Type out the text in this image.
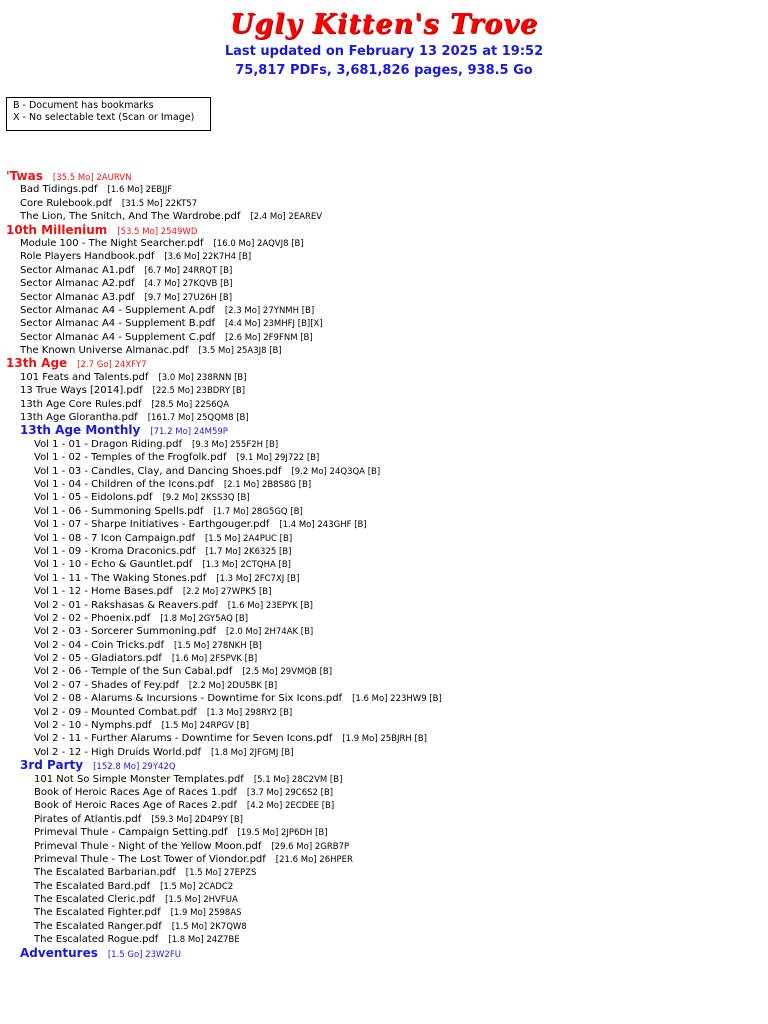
Ugly Kitten's Trove
Last updated on February 13 2025 at 19:52
75,817 PDFs, 3,681,826 pages, 938.5 Go
B - Document has bookmarks
X - No selectable text (Scan or Image)
'Twas [35.5 Mo] 2AURVN
Bad Tidings.pdf [1.6 Mo] 2EBJJF
Core Rulebook.pdf [31.5 Mo] 22KT57
The Lion, The Snitch, And The Wardrobe.pdf [2.4 Mo] 2EAREV
10th Millenium [53.5 Mo] 2549WD
Module 100 - The Night Searcher.pdf [16.0 Mo] 2AQVJ8 [B]
Role Players Handbook.pdf [3.6 Mo] 22K7H4 [B]
Sector Almanac A1.pdf [6.7 Mo] 24RRQT [B]
Sector Almanac A2.pdf [4.7 Mo] 27KQVB [B]
Sector Almanac A3.pdf [9.7 Mo] 27U26H [B]
Sector Almanac A4 - Supplement A.pdf [2.3 Mo] 27YNMH [B]
Sector Almanac A4 - Supplement B.pdf [4.4 Mo] 23MHFJ [B][X]
Sector Almanac A4 - Supplement C.pdf [2.6 Mo] 2F9FNM [B]
The Known Universe Almanac.pdf [3.5 Mo] 25A3J8 [B]
13th Age [2.7 Go] 24XFY7
101 Feats and Talents.pdf [3.0 Mo] 238RNN [B]
13 True Ways [2014].pdf [22.5 Mo] 23BDRY [B]
13th Age Core Rules.pdf [28.5 Mo] 22S6QA
13th Age Glorantha.pdf [161.7 Mo] 25QQM8 [B]
13th Age Monthly [71.2 Mo] 24M59P
Vol 1 - 01 - Dragon Riding.pdf [9.3 Mo] 255F2H [B]
Vol 1 - 02 - Temples of the Frogfolk.pdf [9.1 Mo] 29J722 [B]
Vol 1 - 03 - Candles, Clay, and Dancing Shoes.pdf [9.2 Mo] 24Q3QA [B]
Vol 1 - 04 - Children of the Icons.pdf [2.1 Mo] 2B8S8G [B]
Vol 1 - 05 - Eidolons.pdf [9.2 Mo] 2KSS3Q [B]
Vol 1 - 06 - Summoning Spells.pdf [1.7 Mo] 28G5GQ [B]
Vol 1 - 07 - Sharpe Initiatives - Earthgouger.pdf [1.4 Mo] 243GHF [B]
Vol 1 - 08 - 7 Icon Campaign.pdf [1.5 Mo] 2A4PUC [B]
Vol 1 - 09 - Kroma Draconics.pdf [1.7 Mo] 2K6325 [B]
Vol 1 - 10 - Echo & Gauntlet.pdf [1.3 Mo] 2CTQHA [B]
Vol 1 - 11 - The Waking Stones.pdf [1.3 Mo] 2FC7XJ [B]
Vol 1 - 12 - Home Bases.pdf [2.2 Mo] 27WPK5 [B]
Vol 2 - 01 - Rakshasas & Reavers.pdf [1.6 Mo] 23EPYK [B]
Vol 2 - 02 - Phoenix.pdf [1.8 Mo] 2GY5AQ [B]
Vol 2 - 03 - Sorcerer Summoning.pdf [2.0 Mo] 2H74AK [B]
Vol 2 - 04 - Coin Tricks.pdf [1.5 Mo] 278NKH [B]
Vol 2 - 05 - Gladiators.pdf [1.6 Mo] 2FSPVK [B]
Vol 2 - 06 - Temple of the Sun Cabal.pdf [2.5 Mo] 29VMQB [B]
Vol 2 - 07 - Shades of Fey.pdf [2.2 Mo] 2DU5BK [B]
Vol 2 - 08 - Alarums & Incursions - Downtime for Six Icons.pdf [1.6 Mo] 223HW9 [B]
Vol 2 - 09 - Mounted Combat.pdf [1.3 Mo] 298RY2 [B]
Vol 2 - 10 - Nymphs.pdf [1.5 Mo] 24RPGV [B]
Vol 2 - 11 - Further Alarums - Downtime for Seven Icons.pdf [1.9 Mo] 25BJRH [B]
Vol 2 - 12 - High Druids World.pdf [1.8 Mo] 2JFGMJ [B]
3rd Party [152.8 Mo] 29Y42Q
101 Not So Simple Monster Templates.pdf [5.1 Mo] 28C2VM [B]
Book of Heroic Races Age of Races 1.pdf [3.7 Mo] 29C6S2 [B]
Book of Heroic Races Age of Races 2.pdf [4.2 Mo] 2ECDEE [B]
Pirates of Atlantis.pdf [59.3 Mo] 2D4P9Y [B]
Primeval Thule - Campaign Setting.pdf [19.5 Mo] 2JP6DH [B]
Primeval Thule - Night of the Yellow Moon.pdf [29.6 Mo] 2GRB7P
Primeval Thule - The Lost Tower of Viondor.pdf [21.6 Mo] 26HPER
The Escalated Barbarian.pdf [1.5 Mo] 27EPZS
The Escalated Bard.pdf [1.5 Mo] 2CADC2
The Escalated Cleric.pdf [1.5 Mo] 2HVFUA
The Escalated Fighter.pdf [1.9 Mo] 2598AS
The Escalated Ranger.pdf [1.5 Mo] 2K7QW8
The Escalated Rogue.pdf [1.8 Mo] 24Z7BE
Adventures [1.5 Go] 23W2FU
